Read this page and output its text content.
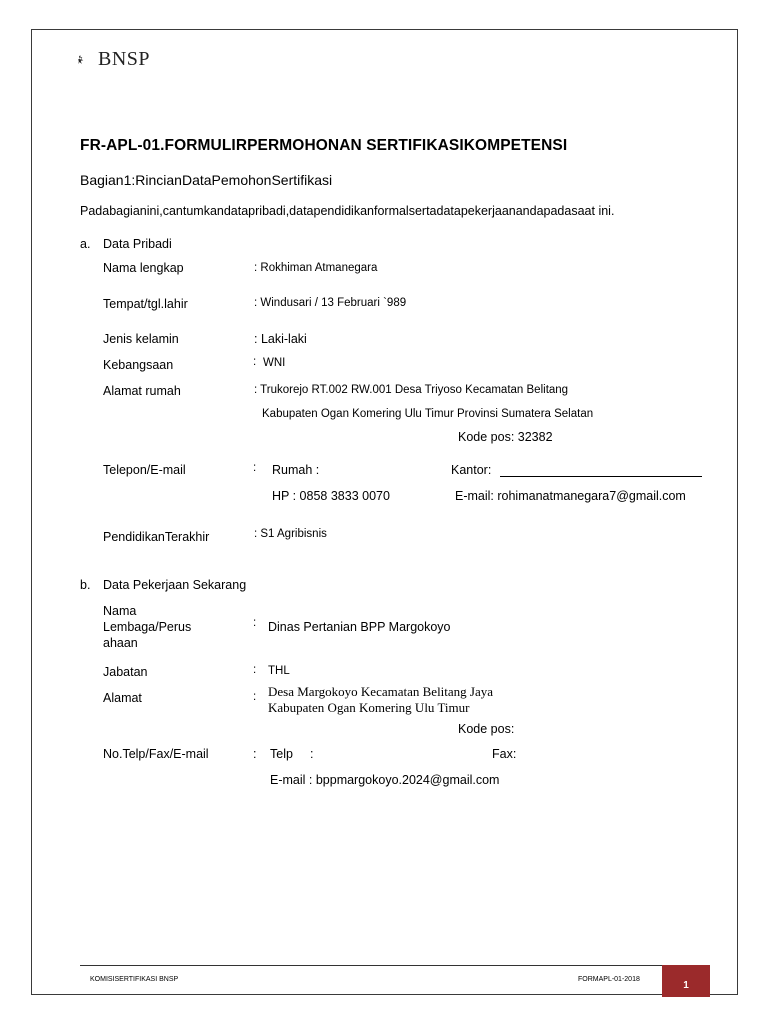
BNSP
FR-APL-01.FORMULIRPERMOHONAN SERTIFIKASIKOMPETENSI
Bagian1:RincianDataPemohonSertifikasi
Padabagianini,cantumkandatapribadi,datapendidikanformalsertadatapekerjaanandapadasaat ini.
a. Data Pribadi
Nama lengkap	: Rokhiman Atmanegara
Tempat/tgl.lahir	: Windusari / 13 Februari `989
Jenis kelamin	: Laki-laki
Kebangsaan	: WNI
Alamat rumah	: Trukorejo RT.002 RW.001 Desa Triyoso Kecamatan Belitang
Kabupaten Ogan Komering Ulu Timur Provinsi Sumatera Selatan
Kode pos: 32382
Telepon/E-mail	: Rumah :	Kantor:
HP : 0858 3833 0070	E-mail: rohimanatmanegara7@gmail.com
PendidikanTerakhir	: S1 Agribisnis
b. Data Pekerjaan Sekarang
Nama
Lembaga/Perus
ahaan
: Dinas Pertanian BPP Margokoyo
Jabatan	: THL
Alamat	: Desa Margokoyo Kecamatan Belitang Jaya
Kabupaten Ogan Komering Ulu Timur
Kode pos:
No.Telp/Fax/E-mail	: Telp :	Fax:
E-mail : bppmargokoyo.2024@gmail.com
KOMISISERTIFIKASI BNSP	FORMAPL-01-2018
1
